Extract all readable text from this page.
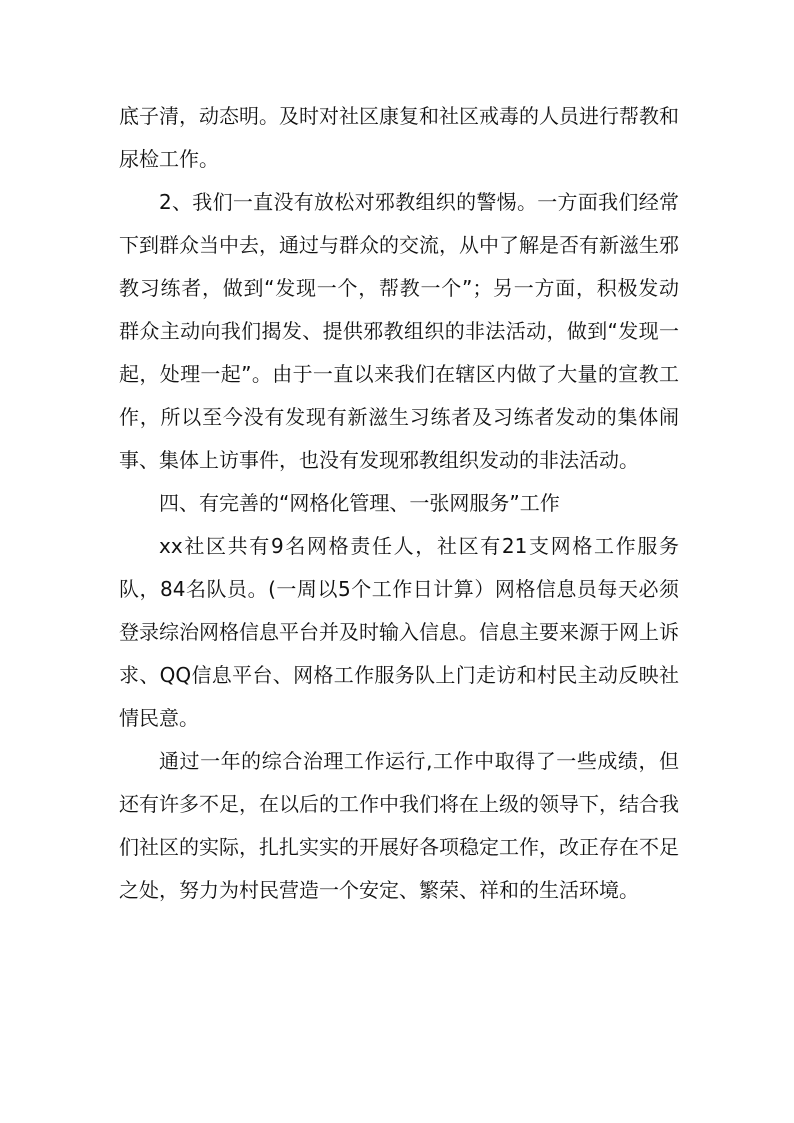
底子清，动态明。及时对社区康复和社区戒毒的人员进行帮教和尿检工作。

2、我们一直没有放松对邪教组织的警惕。一方面我们经常下到群众当中去，通过与群众的交流，从中了解是否有新滋生邪教习练者，做到“发现一个，帮教一个”；另一方面，积极发动群众主动向我们揭发、提供邪教组织的非法活动，做到“发现一起，处理一起”。由于一直以来我们在辖区内做了大量的宣教工作，所以至今没有发现有新滋生习练者及习练者发动的集体闹事、集体上访事件，也没有发现邪教组织发动的非法活动。

四、有完善的“网格化管理、一张网服务”工作

xx社区共有9名网格责任人，社区有21支网格工作服务队，84名队员。(一周以5个工作日计算）网格信息员每天必须登录综治网格信息平台并及时输入信息。信息主要来源于网上诉求、QQ信息平台、网格工作服务队上门走访和村民主动反映社情民意。

通过一年的综合治理工作运行,工作中取得了一些成绩，但还有许多不足，在以后的工作中我们将在上级的领导下，结合我们社区的实际，扎扎实实的开展好各项稳定工作，改正存在不足之处，努力为村民营造一个安定、繁荣、祥和的生活环境。
